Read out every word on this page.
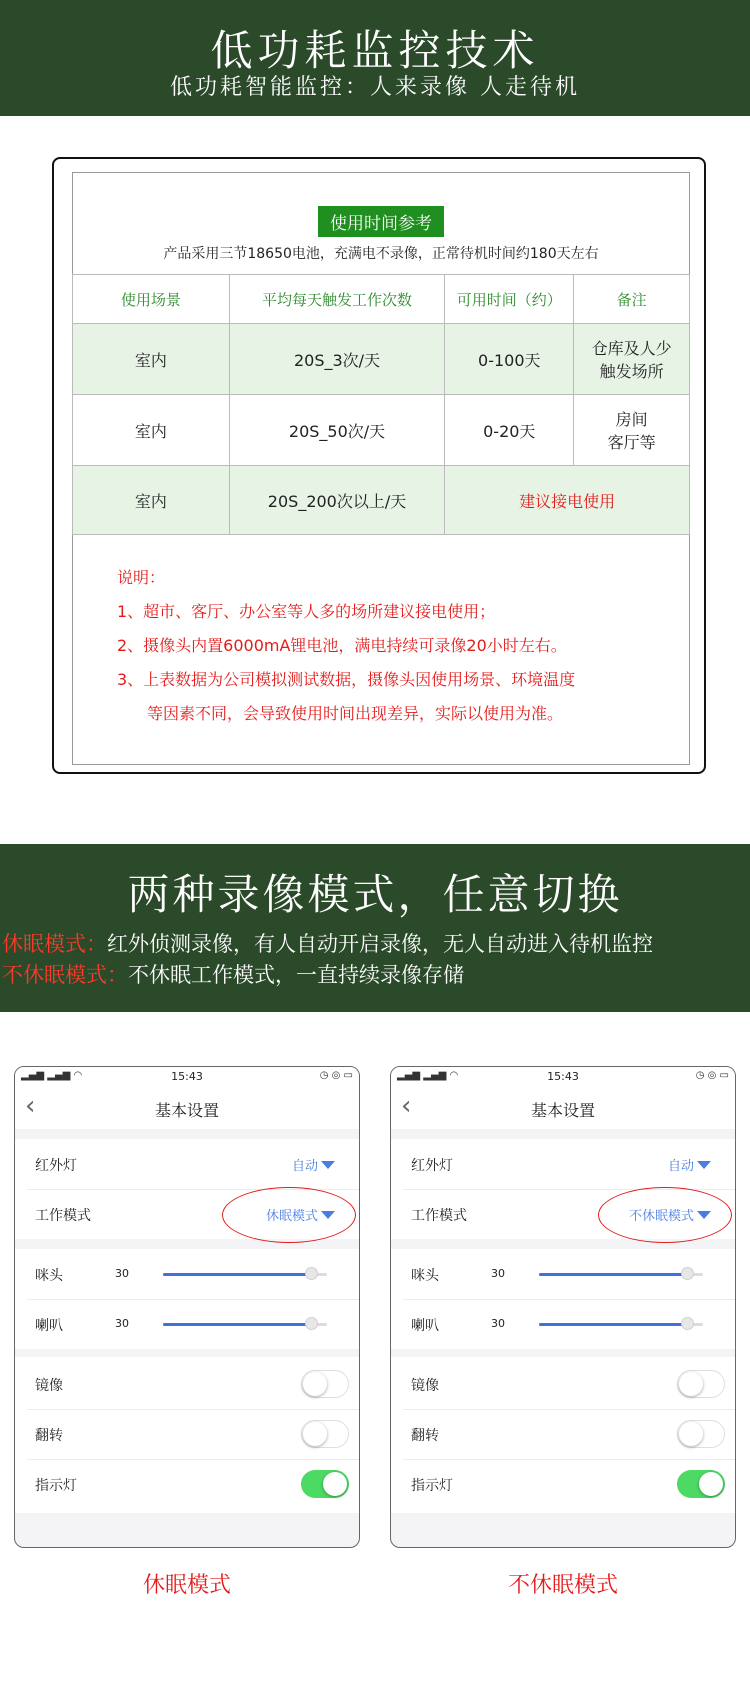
低功耗监控技术
低功耗智能监控：人来录像 人走待机
使用时间参考
产品采用三节18650电池，充满电不录像，正常待机时间约180天左右
使用场景	平均每天触发工作次数	可用时间（约）	备注
室内	20S_3次/天	0-100天	仓库及人少
触发场所
室内	20S_50次/天	0-20天	房间
客厅等
室内	20S_200次以上/天	建议接电使用	
说明：
1、超市、客厅、办公室等人多的场所建议接电使用；
2、摄像头内置6000mA锂电池，满电持续可录像20小时左右。
3、上表数据为公司模拟测试数据，摄像头因使用场景、环境温度
等因素不同，会导致使用时间出现差异，实际以使用为准。
两种录像模式，任意切换
休眠模式：红外侦测录像，有人自动开启录像，无人自动进入待机监控
不休眠模式：不休眠工作模式，一直持续录像存储
▂▄▆ ▂▄▆ ◠	15:43	◷ ◎ ▭
‹	基本设置
红外灯	自动
工作模式	休眠模式
咪头	30
喇叭	30
镜像
翻转
指示灯
▂▄▆ ▂▄▆ ◠	15:43	◷ ◎ ▭
‹	基本设置
红外灯	自动
工作模式	不休眠模式
咪头	30
喇叭	30
镜像
翻转
指示灯
休眠模式	不休眠模式
